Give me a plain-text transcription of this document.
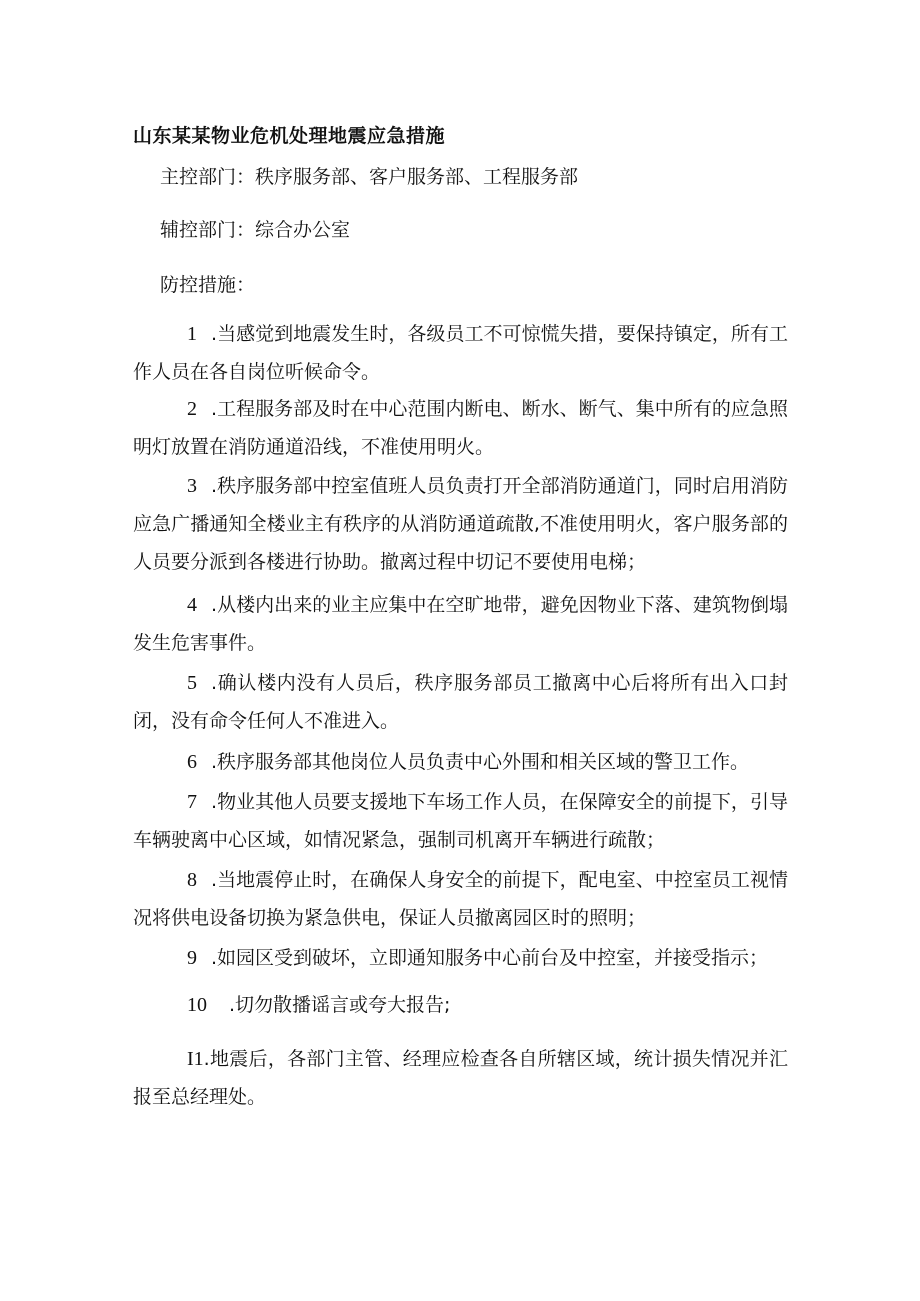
山东某某物业危机处理地震应急措施
主控部门：秩序服务部、客户服务部、工程服务部
辅控部门：综合办公室
防控措施：
1 .当感觉到地震发生时，各级员工不可惊慌失措，要保持镇定，所有工作人员在各自岗位听候命令。
2 .工程服务部及时在中心范围内断电、断水、断气、集中所有的应急照明灯放置在消防通道沿线，不准使用明火。
3 .秩序服务部中控室值班人员负责打开全部消防通道门，同时启用消防应急广播通知全楼业主有秩序的从消防通道疏散,不准使用明火，客户服务部的人员要分派到各楼进行协助。撤离过程中切记不要使用电梯；
4 .从楼内出来的业主应集中在空旷地带，避免因物业下落、建筑物倒塌发生危害事件。
5 .确认楼内没有人员后，秩序服务部员工撤离中心后将所有出入口封闭，没有命令任何人不准进入。
6 .秩序服务部其他岗位人员负责中心外围和相关区域的警卫工作。
7 .物业其他人员要支援地下车场工作人员，在保障安全的前提下，引导车辆驶离中心区域，如情况紧急，强制司机离开车辆进行疏散；
8 .当地震停止时，在确保人身安全的前提下，配电室、中控室员工视情况将供电设备切换为紧急供电，保证人员撤离园区时的照明；
9 .如园区受到破坏，立即通知服务中心前台及中控室，并接受指示；
10 .切勿散播谣言或夸大报告;
I1.地震后，各部门主管、经理应检查各自所辖区域，统计损失情况并汇报至总经理处。
